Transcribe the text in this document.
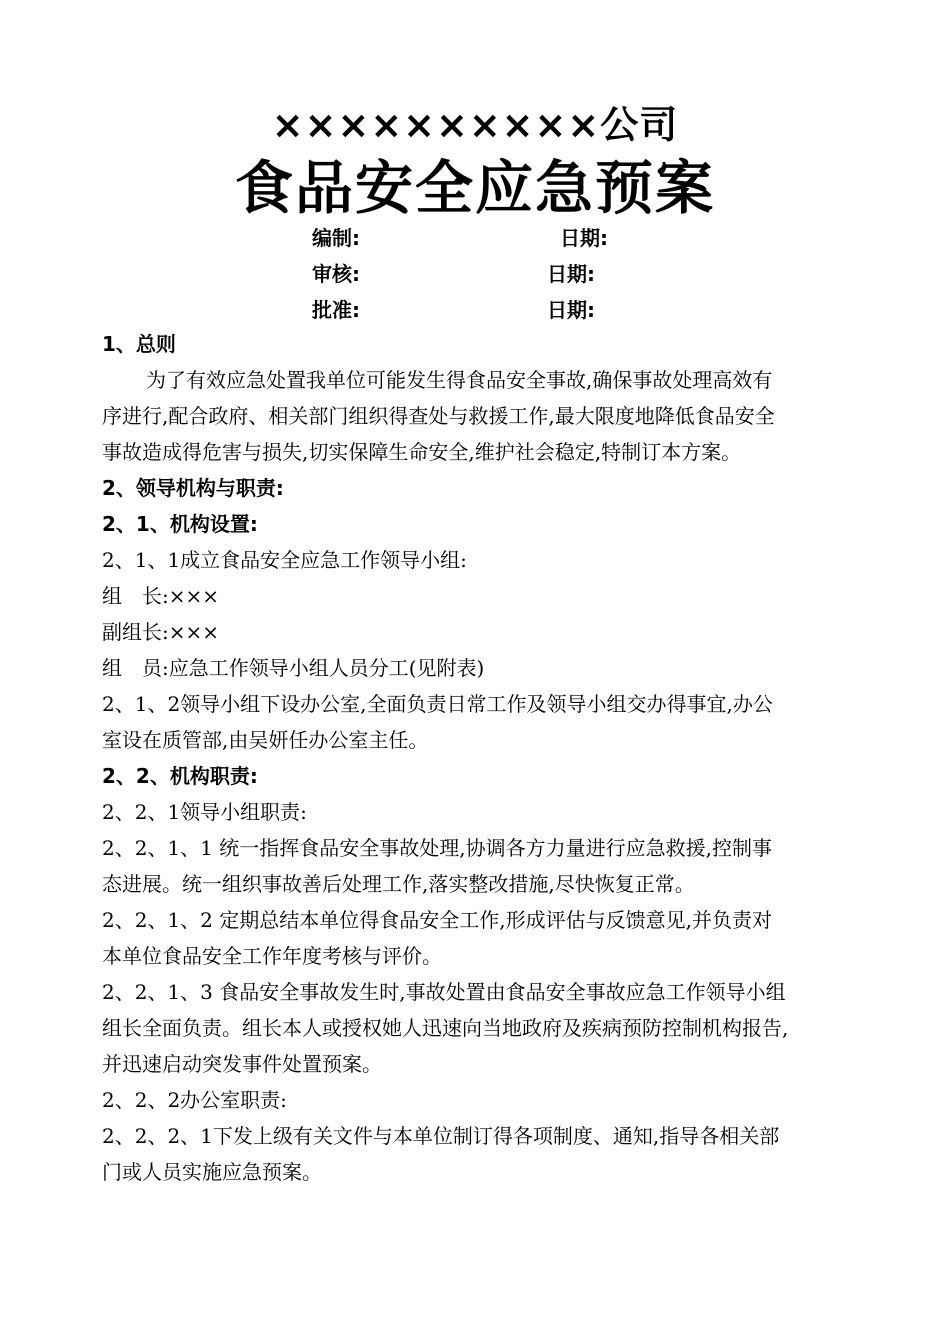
××××××××××公司
食品安全应急预案
编制:	日期:
审核:	日期:
批准:	日期:
1、总则
为了有效应急处置我单位可能发生得食品安全事故,确保事故处理高效有
序进行,配合政府、相关部门组织得查处与救援工作,最大限度地降低食品安全
事故造成得危害与损失,切实保障生命安全,维护社会稳定,特制订本方案。
2、领导机构与职责:
2、1、机构设置:
2、1、1成立食品安全应急工作领导小组:
组　长:×××
副组长:×××
组　员:应急工作领导小组人员分工(见附表)
2、1、2领导小组下设办公室,全面负责日常工作及领导小组交办得事宜,办公
室设在质管部,由吴妍任办公室主任。
2、2、机构职责:
2、2、1领导小组职责:
2、2、1、1 统一指挥食品安全事故处理,协调各方力量进行应急救援,控制事
态进展。统一组织事故善后处理工作,落实整改措施,尽快恢复正常。
2、2、1、2 定期总结本单位得食品安全工作,形成评估与反馈意见,并负责对
本单位食品安全工作年度考核与评价。
2、2、1、3 食品安全事故发生时,事故处置由食品安全事故应急工作领导小组
组长全面负责。组长本人或授权她人迅速向当地政府及疾病预防控制机构报告,
并迅速启动突发事件处置预案。
2、2、2办公室职责:
2、2、2、1下发上级有关文件与本单位制订得各项制度、通知,指导各相关部
门或人员实施应急预案。
